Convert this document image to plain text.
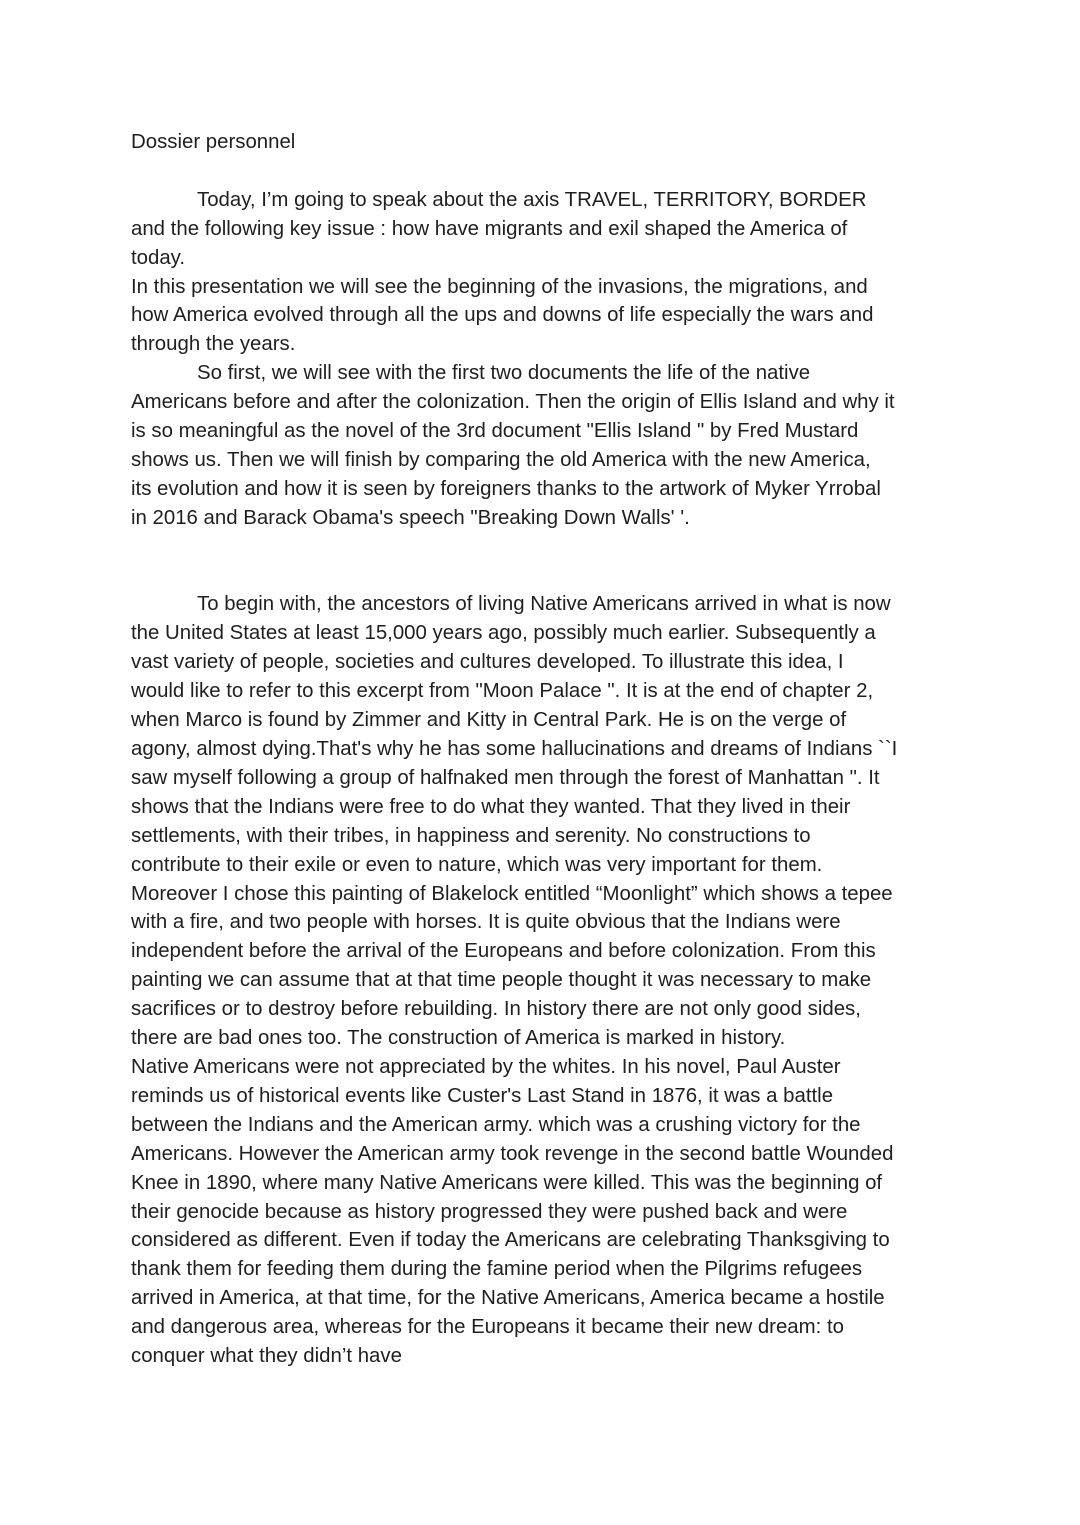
Dossier personnel

Today, I’m going to speak about the axis TRAVEL, TERRITORY, BORDER
and the following key issue : how have migrants and exil shaped the America of
today.

In this presentation we will see the beginning of the invasions, the migrations, and
how America evolved through all the ups and downs of life especially the wars and
through the years.

So first, we will see with the first two documents the life of the native
Americans before and after the colonization. Then the origin of Ellis Island and why it
is so meaningful as the novel of the 3rd document "Ellis Island " by Fred Mustard
shows us. Then we will finish by comparing the old America with the new America,
its evolution and how it is seen by foreigners thanks to the artwork of Myker Yrrobal
in 2016 and Barack Obama's speech "Breaking Down Walls' '.

To begin with, the ancestors of living Native Americans arrived in what is now
the United States at least 15,000 years ago, possibly much earlier. Subsequently a
vast variety of people, societies and cultures developed. To illustrate this idea, I
would like to refer to this excerpt from "Moon Palace ". It is at the end of chapter 2,
when Marco is found by Zimmer and Kitty in Central Park. He is on the verge of
agony, almost dying.That's why he has some hallucinations and dreams of Indians ``I
saw myself following a group of halfnaked men through the forest of Manhattan ". It
shows that the Indians were free to do what they wanted. That they lived in their
settlements, with their tribes, in happiness and serenity. No constructions to
contribute to their exile or even to nature, which was very important for them.
Moreover I chose this painting of Blakelock entitled “Moonlight” which shows a tepee
with a fire, and two people with horses. It is quite obvious that the Indians were
independent before the arrival of the Europeans and before colonization. From this
painting we can assume that at that time people thought it was necessary to make
sacrifices or to destroy before rebuilding. In history there are not only good sides,
there are bad ones too. The construction of America is marked in history.

Native Americans were not appreciated by the whites. In his novel, Paul Auster
reminds us of historical events like Custer's Last Stand in 1876, it was a battle
between the Indians and the American army. which was a crushing victory for the
Americans. However the American army took revenge in the second battle Wounded
Knee in 1890, where many Native Americans were killed. This was the beginning of
their genocide because as history progressed they were pushed back and were
considered as different. Even if today the Americans are celebrating Thanksgiving to
thank them for feeding them during the famine period when the Pilgrims refugees
arrived in America, at that time, for the Native Americans, America became a hostile
and dangerous area, whereas for the Europeans it became their new dream: to
conquer what they didn’t have
